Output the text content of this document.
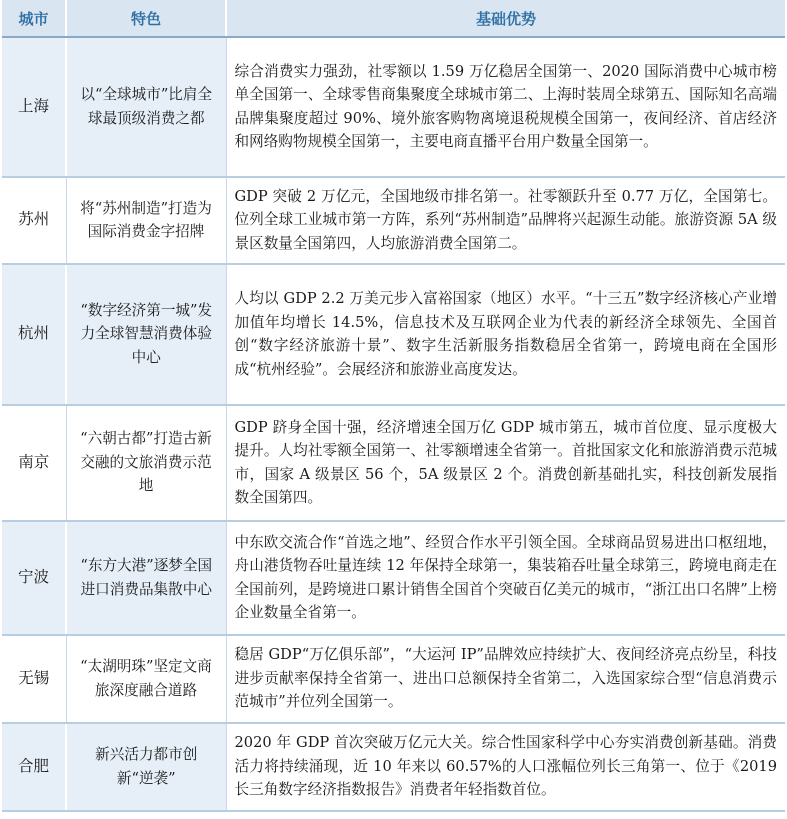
城市	特色	基础优势
上海	以“全球城市”比肩全球最顶级消费之都	综合消费实力强劲，社零额以 1.59 万亿稳居全国第一、2020 国际消费中心城市榜单全国第一、全球零售商集聚度全球城市第二、上海时装周全球第五、国际知名高端品牌集聚度超过 90%、境外旅客购物离境退税规模全国第一，夜间经济、首店经济和网络购物规模全国第一，主要电商直播平台用户数量全国第一。
苏州	将“苏州制造”打造为国际消费金字招牌	GDP 突破 2 万亿元，全国地级市排名第一。社零额跃升至 0.77 万亿，全国第七。位列全球工业城市第一方阵，系列“苏州制造”品牌将兴起源生动能。旅游资源 5A 级景区数量全国第四，人均旅游消费全国第二。
杭州	“数字经济第一城”发力全球智慧消费体验中心	人均以 GDP 2.2 万美元步入富裕国家（地区）水平。“十三五”数字经济核心产业增加值年均增长 14.5%，信息技术及互联网企业为代表的新经济全球领先、全国首创“数字经济旅游十景”、数字生活新服务指数稳居全省第一，跨境电商在全国形成“杭州经验”。会展经济和旅游业高度发达。
南京	“六朝古都”打造古新交融的文旅消费示范地	GDP 跻身全国十强，经济增速全国万亿 GDP 城市第五，城市首位度、显示度极大提升。人均社零额全国第一、社零额增速全省第一。首批国家文化和旅游消费示范城市，国家 A 级景区 56 个，5A 级景区 2 个。消费创新基础扎实，科技创新发展指数全国第四。
宁波	“东方大港”逐梦全国进口消费品集散中心	中东欧交流合作“首选之地”、经贸合作水平引领全国。全球商品贸易进出口枢纽地，舟山港货物吞吐量连续 12 年保持全球第一，集装箱吞吐量全球第三，跨境电商走在全国前列，是跨境进口累计销售全国首个突破百亿美元的城市，“浙江出口名牌”上榜企业数量全省第一。
无锡	“太湖明珠”坚定文商旅深度融合道路	稳居 GDP“万亿俱乐部”，“大运河 IP”品牌效应持续扩大、夜间经济亮点纷呈，科技进步贡献率保持全省第一、进出口总额保持全省第二，入选国家综合型“信息消费示范城市”并位列全国第一。
合肥	新兴活力都市创新“逆袭”	2020 年 GDP 首次突破万亿元大关。综合性国家科学中心夯实消费创新基础。消费活力将持续涌现，近 10 年来以 60.57%的人口涨幅位列长三角第一、位于《2019 长三角数字经济指数报告》消费者年轻指数首位。
